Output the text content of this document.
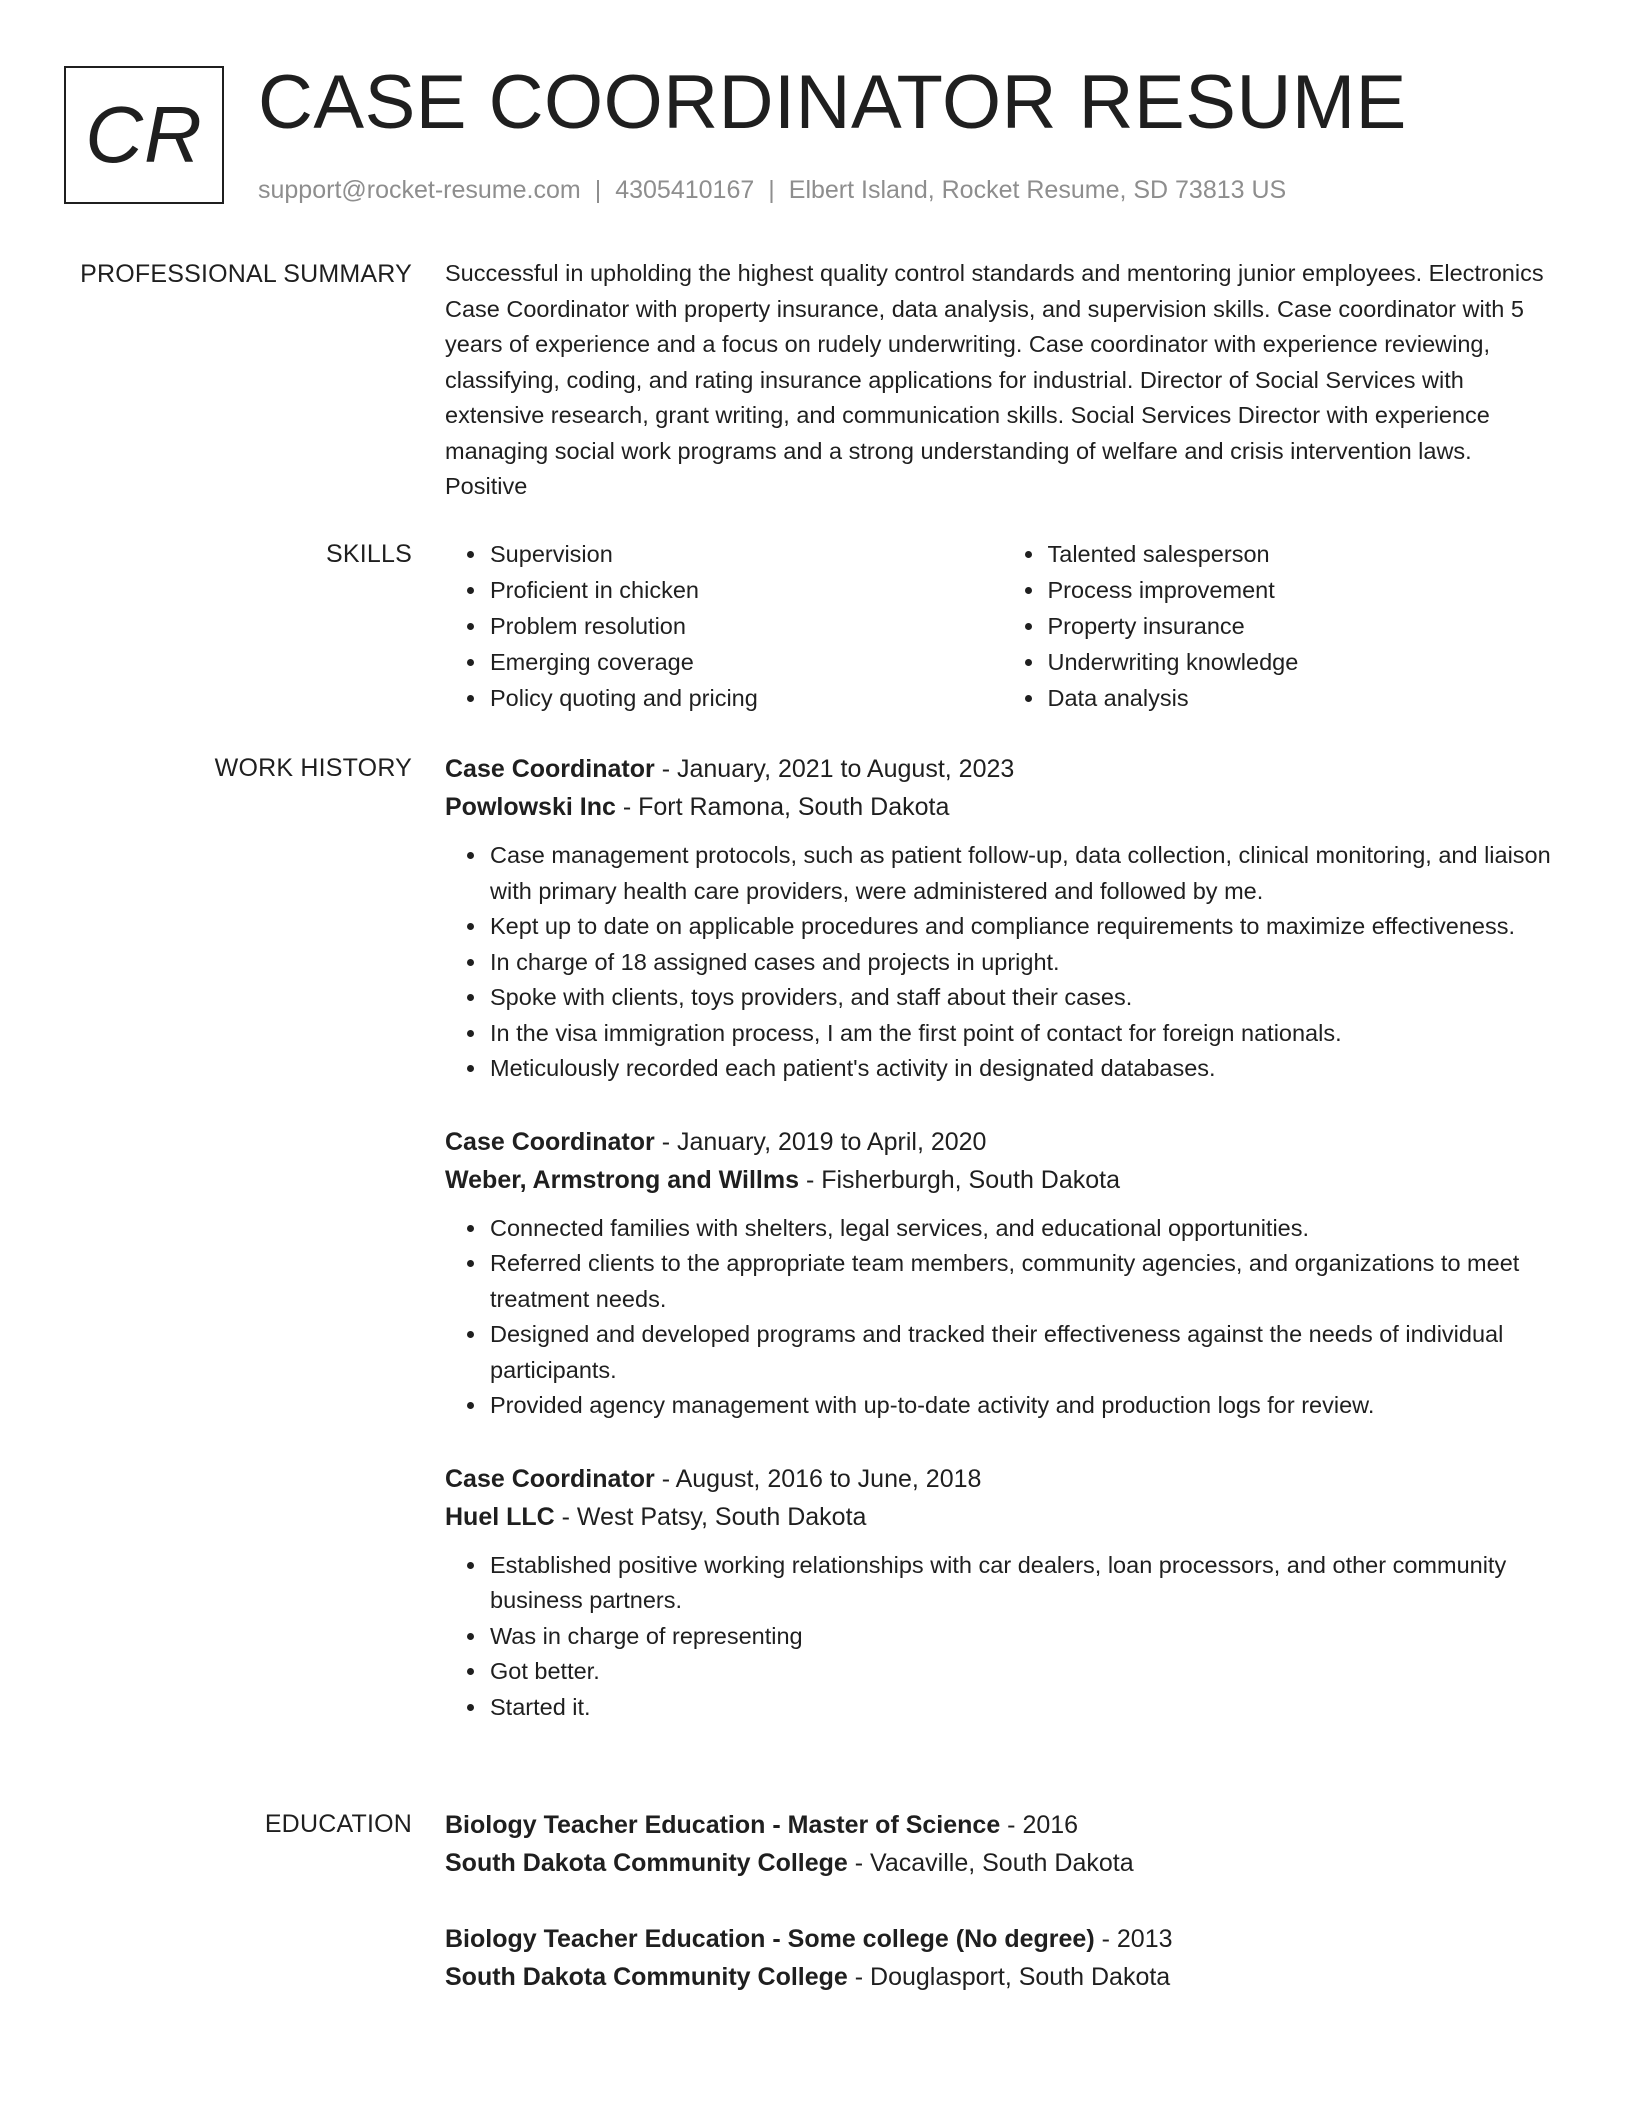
CR CASE COORDINATOR RESUME
support@rocket-resume.com | 4305410167 | Elbert Island, Rocket Resume, SD 73813 US
PROFESSIONAL SUMMARY Successful in upholding the highest quality control standards and mentoring junior employees. Electronics Case Coordinator with property insurance, data analysis, and supervision skills. Case coordinator with 5 years of experience and a focus on rudely underwriting. Case coordinator with experience reviewing, classifying, coding, and rating insurance applications for industrial. Director of Social Services with extensive research, grant writing, and communication skills. Social Services Director with experience managing social work programs and a strong understanding of welfare and crisis intervention laws. Positive

SKILLS
•	Supervision
• Proficient in chicken
• Problem resolution
• Emerging coverage
• Policy quoting and pricing
• Talented salesperson
• Process improvement
• Property insurance
• Underwriting knowledge
• Data analysis
WORK HISTORY Case Coordinator - January, 2021 to August, 2023
Powlowski Inc - Fort Ramona, South Dakota
• Case management protocols, such as patient follow-up, data collection, clinical monitoring, and liaison with primary health care providers, were administered and followed by me.
• Kept up to date on applicable procedures and compliance requirements to maximize effectiveness.
• In charge of 18 assigned cases and projects in upright.
• Spoke with clients, toys providers, and staff about their cases.
• In the visa immigration process, I am the first point of contact for foreign nationals.
• Meticulously recorded each patient's activity in designated databases.
Case Coordinator - January, 2019 to April, 2020
Weber, Armstrong and Willms - Fisherburgh, South Dakota
• Connected families with shelters, legal services, and educational opportunities.
• Referred clients to the appropriate team members, community agencies, and organizations to meet treatment needs.
• Designed and developed programs and tracked their effectiveness against the needs of individual participants.
• Provided agency management with up-to-date activity and production logs for review.
Case Coordinator - August, 2016 to June, 2018
Huel LLC - West Patsy, South Dakota
• Established positive working relationships with car dealers, loan processors, and other community business partners.
• Was in charge of representing
• Got better.
• Started it.
EDUCATION Biology Teacher Education - Master of Science - 2016
South Dakota Community College - Vacaville, South Dakota
Biology Teacher Education - Some college (No degree) - 2013
South Dakota Community College - Douglasport, South Dakota
